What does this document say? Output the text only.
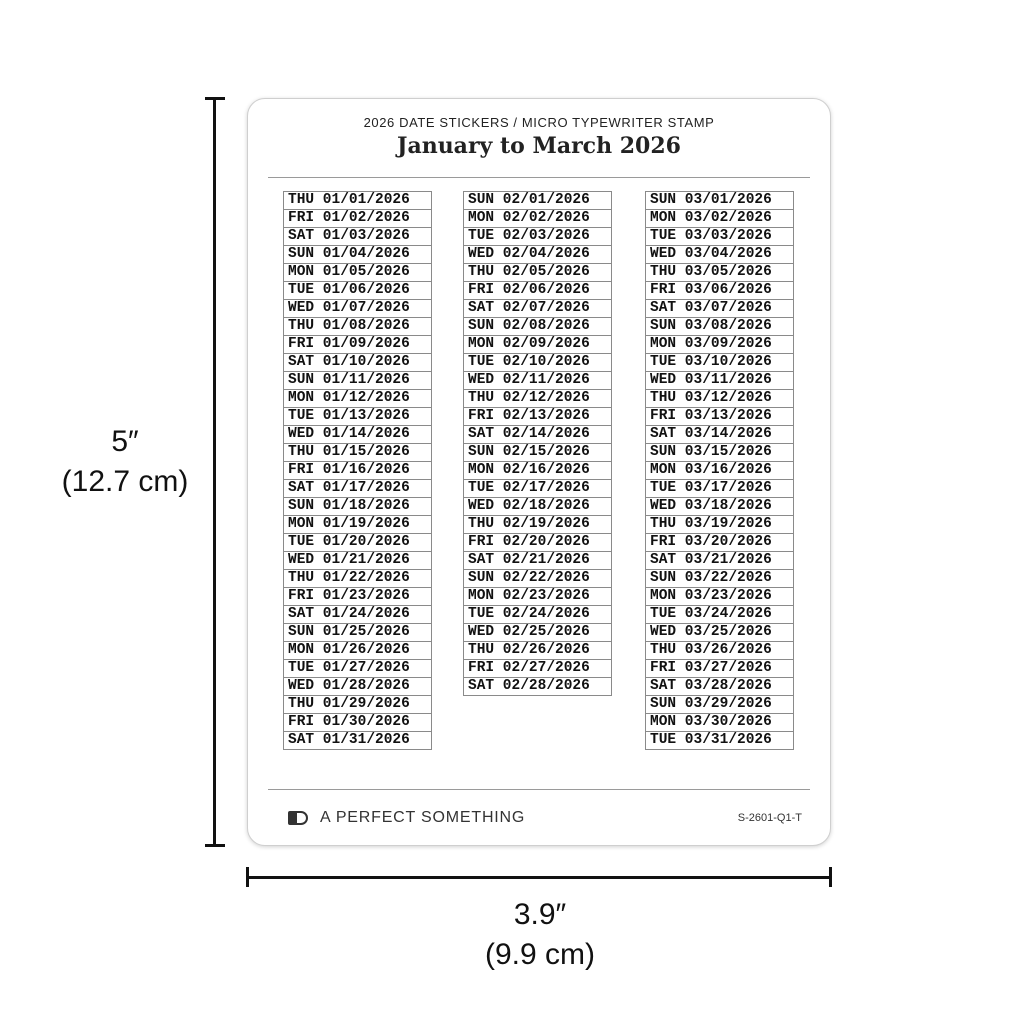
5″
(12.7 cm)
3.9″
(9.9 cm)
2026 DATE STICKERS / MICRO TYPEWRITER STAMP
January to March 2026
THU 01/01/2026
FRI 01/02/2026
SAT 01/03/2026
SUN 01/04/2026
MON 01/05/2026
TUE 01/06/2026
WED 01/07/2026
THU 01/08/2026
FRI 01/09/2026
SAT 01/10/2026
SUN 01/11/2026
MON 01/12/2026
TUE 01/13/2026
WED 01/14/2026
THU 01/15/2026
FRI 01/16/2026
SAT 01/17/2026
SUN 01/18/2026
MON 01/19/2026
TUE 01/20/2026
WED 01/21/2026
THU 01/22/2026
FRI 01/23/2026
SAT 01/24/2026
SUN 01/25/2026
MON 01/26/2026
TUE 01/27/2026
WED 01/28/2026
THU 01/29/2026
FRI 01/30/2026
SAT 01/31/2026
SUN 02/01/2026
MON 02/02/2026
TUE 02/03/2026
WED 02/04/2026
THU 02/05/2026
FRI 02/06/2026
SAT 02/07/2026
SUN 02/08/2026
MON 02/09/2026
TUE 02/10/2026
WED 02/11/2026
THU 02/12/2026
FRI 02/13/2026
SAT 02/14/2026
SUN 02/15/2026
MON 02/16/2026
TUE 02/17/2026
WED 02/18/2026
THU 02/19/2026
FRI 02/20/2026
SAT 02/21/2026
SUN 02/22/2026
MON 02/23/2026
TUE 02/24/2026
WED 02/25/2026
THU 02/26/2026
FRI 02/27/2026
SAT 02/28/2026
SUN 03/01/2026
MON 03/02/2026
TUE 03/03/2026
WED 03/04/2026
THU 03/05/2026
FRI 03/06/2026
SAT 03/07/2026
SUN 03/08/2026
MON 03/09/2026
TUE 03/10/2026
WED 03/11/2026
THU 03/12/2026
FRI 03/13/2026
SAT 03/14/2026
SUN 03/15/2026
MON 03/16/2026
TUE 03/17/2026
WED 03/18/2026
THU 03/19/2026
FRI 03/20/2026
SAT 03/21/2026
SUN 03/22/2026
MON 03/23/2026
TUE 03/24/2026
WED 03/25/2026
THU 03/26/2026
FRI 03/27/2026
SAT 03/28/2026
SUN 03/29/2026
MON 03/30/2026
TUE 03/31/2026
A PERFECT SOMETHING	S-2601-Q1-T
